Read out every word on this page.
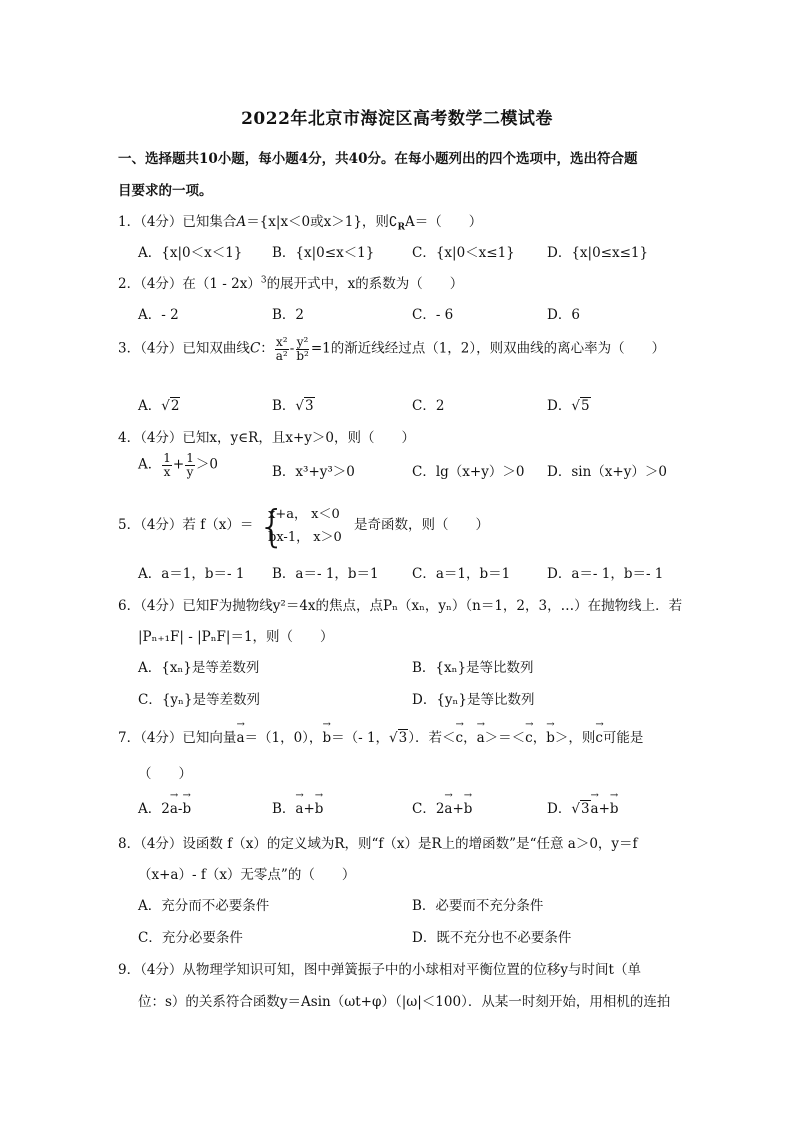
2022年北京市海淀区高考数学二模试卷
一、选择题共10小题，每小题4分，共40分。在每小题列出的四个选项中，选出符合题
目要求的一项。
1．（4分）已知集合A＝{x|x＜0或x＞1}，则$∁_RA=$（　　）
A．{x|0＜x＜1} B．{x|0≤x＜1}	C．{x|0＜x≤1} D．{x|0≤x≤1}
2．（4分）在（1 - 2x）$^3$的展开式中，x的系数为（　　）
A．- 2	B．2	C．- 6	D．6
3．（4分）已知双曲线C： $\frac{\text{x²}}{\text{a²}} - \frac{\text{y²}}{\text{b²}} =1$的渐近线经过点（1，2），则双曲线的离心率为（　　）
A．√2	B．√3	C．2	D．√5
4．（4分）已知x，y∈R，且x+y＞0，则（　　）
A． $\frac{1}{x} + \frac{1}{y} >0$	B．x³+y³＞0	C．lg（x+y）＞0 D．sin（x+y）＞0
5．（4分）若 f（x）＝ {
x+a， x＜0
bx-1， x＞0
是奇函数，则（　　）
A．a＝1，b＝- 1 B．a＝- 1，b＝1 C．a＝1，b＝1	D．a＝- 1，b＝- 1
6．（4分）已知F为抛物线y²＝4x的焦点，点Pₙ（xₙ，yₙ）（n＝1，2，3，…）在抛物线上．若
|Pₙ₊₁F| - |PₙF|＝1，则（　　）
A．{xₙ}是等差数列	B．{xₙ}是等比数列
C．{yₙ}是等差数列	D．{yₙ}是等比数列
7．（4分）已知向量→ a＝（1，0），→ b＝（- 1，√3）．若＜→ c，→ a＞＝＜→ c，→ b＞，则→ c可能是
（　　）
A．2→ a-→ b	B．→ a+→ b	C．2→ a+→ b	D．√3→ a+→ b
8．（4分）设函数 f（x）的定义域为R，则“f（x）是R上的增函数”是“任意 a＞0，y＝f
（x+a）- f（x）无零点”的（　　）
A．充分而不必要条件	B．必要而不充分条件
C．充分必要条件	D．既不充分也不必要条件
9．（4分）从物理学知识可知，图中弹簧振子中的小球相对平衡位置的位移y与时间t（单
位：s）的关系符合函数y＝Asin（ωt+φ）（|ω|＜100）．从某一时刻开始，用相机的连拍
